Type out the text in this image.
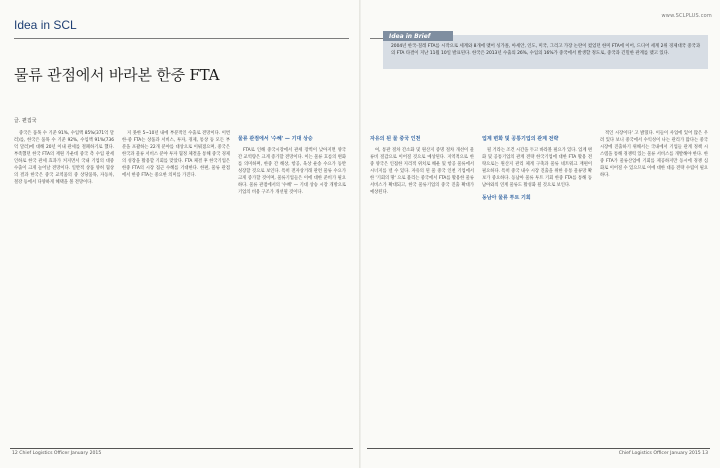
www.SCLPLUS.com
Idea in SCL
물류 관점에서 바라본 한중 FTA
글. 편집국
Idea in Brief
2004년 한국-칠레 FTA를 시작으로 세계와 8개에 맺어 싱가폴, 아세안, 인도, 미국, 그리고 가장 논란이 컸었던 한미 FTA에 이어, 드디어 세계 2위 경제대국 중국과의 FTA 타결이 지난 11월 10일 발표된다. 한국은 2013년 수출의 26%, 수입의 16%가 중국에서 발생할 정도로, 중국과 긴밀한 관계를 맺고 있다.

중국은 품목 수 기준 91%, 수입액 85%(371억 달러)를, 한국은 품목 수 기준 92%, 수입액 91%(736억 달러)에 대해 20년 이내 관세를 철폐하기로 했다. 부족했던 한국 FTA의 재원 가운데 중국 측 수입 관세 인하로 한국 관세 효과가 커지면서 국내 기업의 대중 수출이 크게 늘어날 전망이다. 일반적 상품 양허 협상의 결과 한국은 중국 교역품의 중 상당품목, 자동차, 철강 등에서 다양하게 혜택을 볼 전망이다.

지 못한 5~10년 내에 부분적인 수출로 전망이다. 이번 한-중 FTA는 상품과 서비스, 투자, 경제, 통상 등 모든 부분을 포괄하는 22개 분야를 대상으로 이뤄졌으며, 중국은 한국과 물류 서비스 분야 투자 협정 체결을 통해 중국 경제의 성장을 활용할 기회를 맞았다. FTA 체결 후 한국기업은 한중 FTA의 시장 접근 수혜를 기대한다. 한편, 물류 관점에서 한중 FTA는 중요한 의미를 가진다.

물류 관점에서 '수혜' — 기대 상승

FTA로 인해 중국시장에서 관세 장벽이 낮아지면 양국 간 교역량은 크게 증가할 전망이다. 이는 물류 흐름의 변화를 의미하며, 한중 간 해상, 항공, 육상 운송 수요가 동반 성장할 것으로 보인다. 특히 전자상거래 관련 물류 수요가 크게 증가할 것이며, 물류기업들은 이에 대한 준비가 필요하다. 물류 관점에서의 '수혜' — 기대 상승 시장 개방으로 기업의 비용 구조가 개선될 것이다.

자유의 된 물 중국 인천

여, 통관 절차 간소화 및 원산지 증명 절차 개선이 물류비 절감으로 이어질 것으로 예상된다. 지역적으로 한중 양국은 인접한 지리적 위치로 해운 및 항공 물류에서 시너지를 낼 수 있다. 자유의 된 물 중국 인천 기업에서 한 '기회의 땅' 으로 불리는 중국에서 FTA를 활용한 물류 서비스가 확대되고, 한국 물류기업의 중국 진출 확대가 예상된다.

업계 변화 및 공통기업의 관계 전략

될 거라는 조건 시간을 두고 바라볼 필요가 있다. 업계 변화 및 공통기업의 관계 전략 한국기업에 대한 FTA 활용 전략으로는 원산지 관리 체계 구축과 물류 네트워크 재편이 필요하다. 특히 중국 내수 시장 진출을 위한 유통 물류망 확보가 중요하다. 동남아 물류 투트 기회 한중 FTA를 통해 동남아와의 연계 물류도 활성화 될 것으로 보인다.

동남아 물류 투트 기회

적인 시장이다' 고 밝혔다. 이들이 사업에 있어 많은 우려 있다 보니 중국에서 수익성이 나는 관리가 많다는 중국 시장에 진출하기 위해서는 국내에서 기업들 관계 정책 시스템을 통해 경쟁력 있는 물류 서비스를 개발해야 한다. 한중 FTA가 물류산업에 기회를 제공하지만 동시에 경쟁 심화로 이어질 수 있으므로 이에 대한 대응 전략 수립이 필요하다.

12 Chief Logistics Officer January 2015	Chief Logistics Officer January 2015 13
